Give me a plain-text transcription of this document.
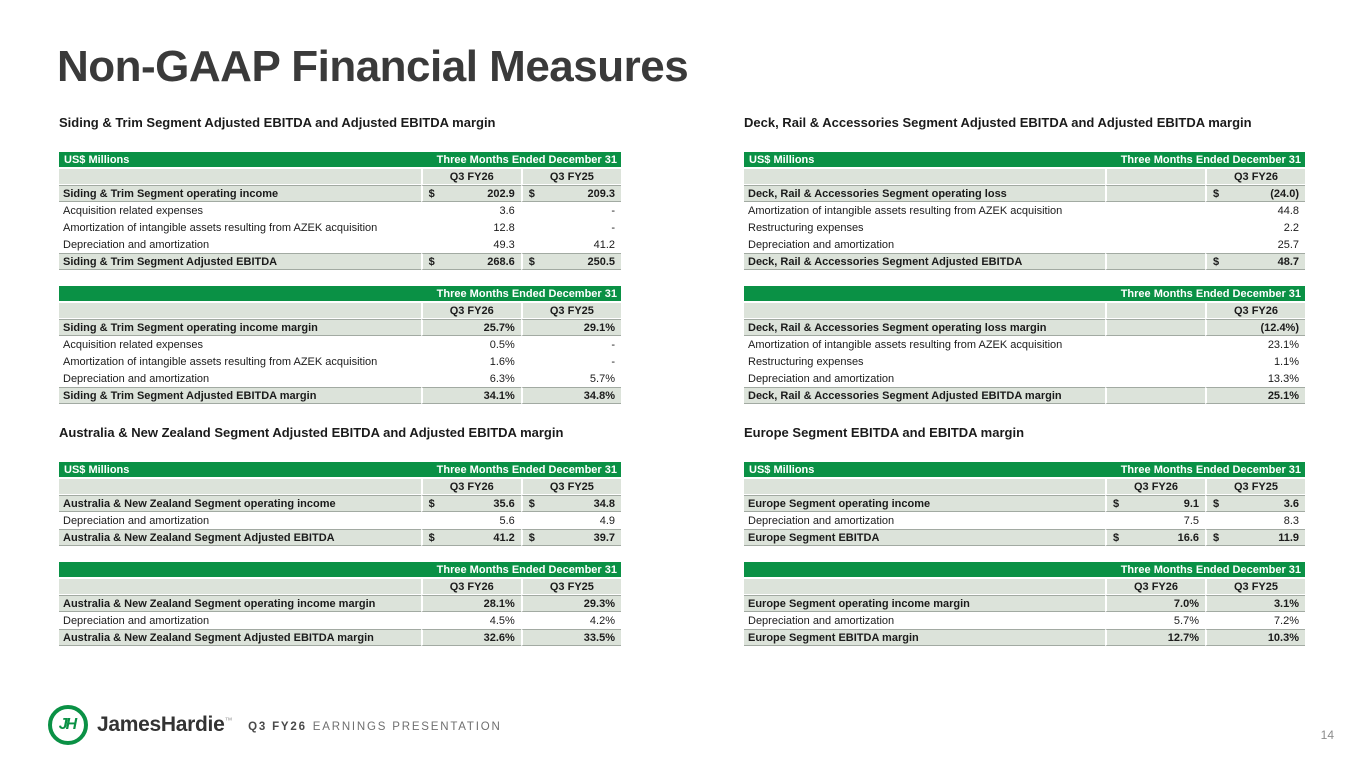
Non-GAAP Financial Measures
Siding & Trim Segment Adjusted EBITDA and Adjusted EBITDA margin
US$ Millions	Three Months Ended December 31	
	Q3 FY26	Q3 FY25
Siding & Trim Segment operating income	$ 202.9	$ 209.3

Acquisition related expenses	3.6	-

Amortization of intangible assets resulting from AZEK acquisition	12.8	-

Depreciation and amortization	49.3	41.2

Siding & Trim Segment Adjusted EBITDA	$ 268.6	$ 250.5
	Three Months Ended December 31	
	Q3 FY26	Q3 FY25
Siding & Trim Segment operating income margin	25.7%	29.1%

Acquisition related expenses	0.5%	-

Amortization of intangible assets resulting from AZEK acquisition	1.6%	-

Depreciation and amortization	6.3%	5.7%

Siding & Trim Segment Adjusted EBITDA margin	34.1%	34.8%
Australia & New Zealand Segment Adjusted EBITDA and Adjusted EBITDA margin
US$ Millions	Three Months Ended December 31	
	Q3 FY26	Q3 FY25
Australia & New Zealand Segment operating income	$ 35.6	$ 34.8

Depreciation and amortization	5.6	4.9

Australia & New Zealand Segment Adjusted EBITDA	$ 41.2	$ 39.7
	Three Months Ended December 31	
	Q3 FY26	Q3 FY25
Australia & New Zealand Segment operating income margin	28.1%	29.3%

Depreciation and amortization	4.5%	4.2%

Australia & New Zealand Segment Adjusted EBITDA margin	32.6%	33.5%
Deck, Rail & Accessories Segment Adjusted EBITDA and Adjusted EBITDA margin
US$ Millions	Three Months Ended December 31	
		Q3 FY26
Deck, Rail & Accessories Segment operating loss		$ (24.0)

Amortization of intangible assets resulting from AZEK acquisition		44.8

Restructuring expenses		2.2

Depreciation and amortization		25.7

Deck, Rail & Accessories Segment Adjusted EBITDA		$ 48.7
	Three Months Ended December 31	
		Q3 FY26
Deck, Rail & Accessories Segment operating loss margin		(12.4%)

Amortization of intangible assets resulting from AZEK acquisition		23.1%

Restructuring expenses		1.1%

Depreciation and amortization		13.3%

Deck, Rail & Accessories Segment Adjusted EBITDA margin		25.1%
Europe Segment EBITDA and EBITDA margin
US$ Millions	Three Months Ended December 31	
	Q3 FY26	Q3 FY25
Europe Segment operating income	$ 9.1	$ 3.6

Depreciation and amortization	7.5	8.3

Europe Segment EBITDA	$ 16.6	$ 11.9
	Three Months Ended December 31	
	Q3 FY26	Q3 FY25
Europe Segment operating income margin	7.0%	3.1%

Depreciation and amortization	5.7%	7.2%

Europe Segment EBITDA margin	12.7%	10.3%
JH JamesHardie™
Q3 FY26 EARNINGS PRESENTATION
14
